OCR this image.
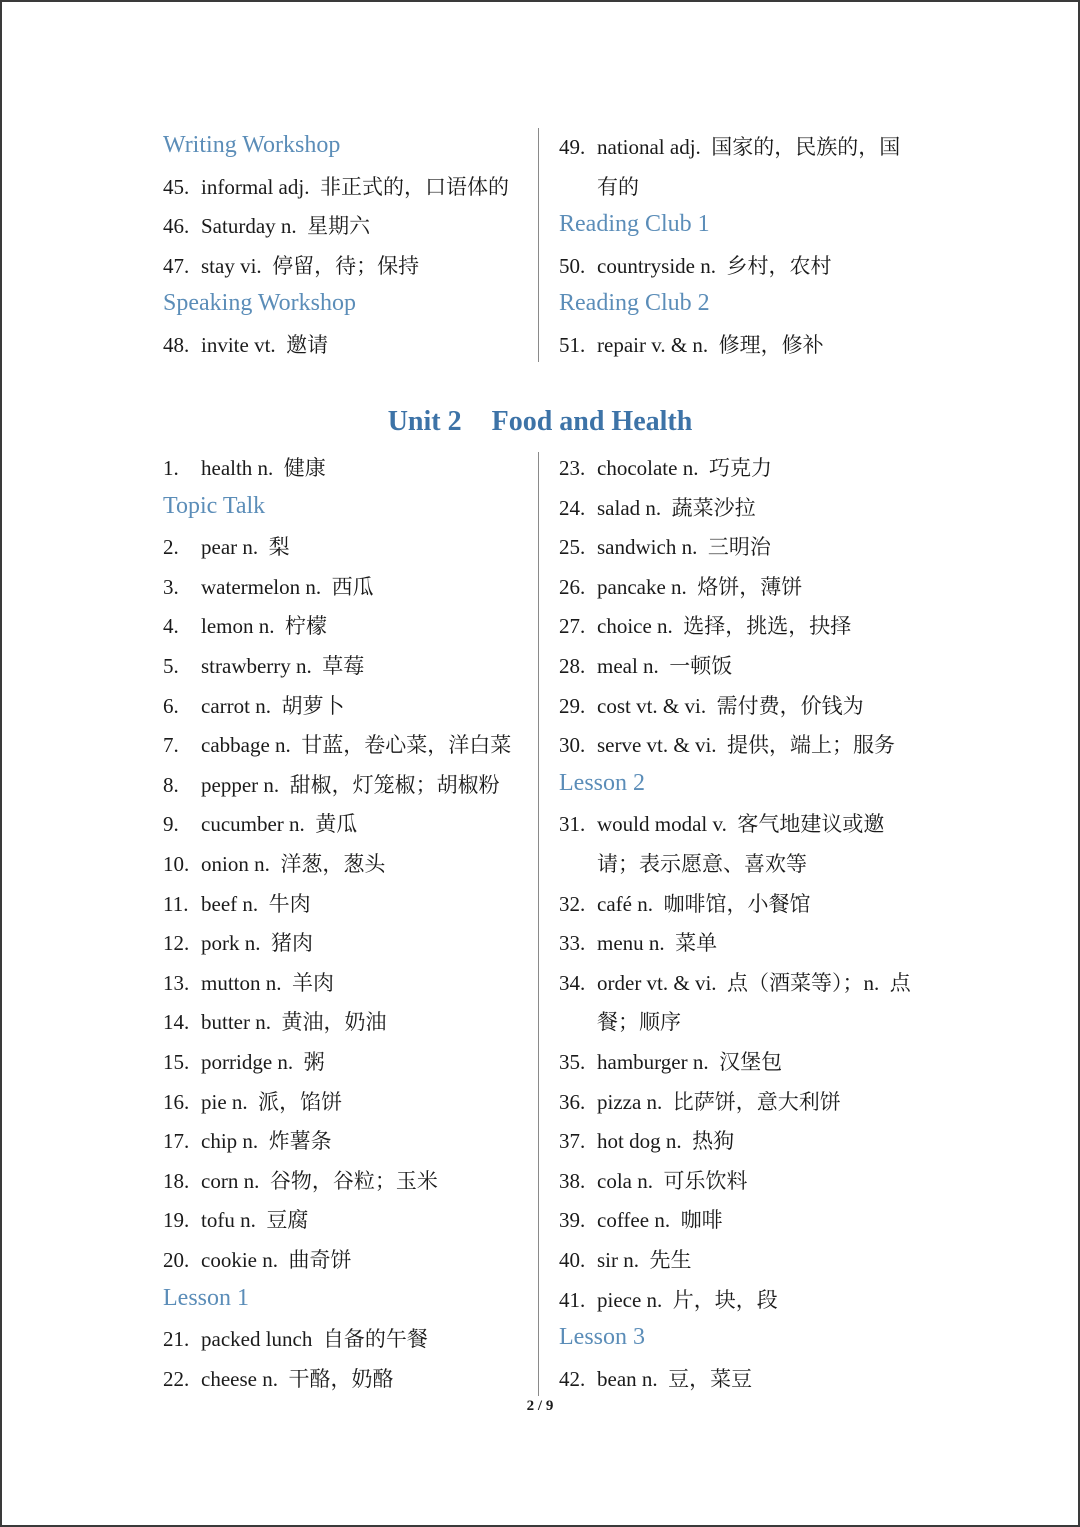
Writing Workshop
45. informal adj.  非正式的，口语体的
46. Saturday n.  星期六
47. stay vi.  停留，待；保持
Speaking Workshop
48. invite vt.  邀请
49. national adj.  国家的，民族的，国
有的
Reading Club 1
50. countryside n.  乡村，农村
Reading Club 2
51. repair v. & n.  修理，修补
Unit 2 Food and Health
1. health n.  健康
Topic Talk
2. pear n.  梨
3. watermelon n.  西瓜
4. lemon n.  柠檬
5. strawberry n.  草莓
6. carrot n.  胡萝卜
7. cabbage n.  甘蓝，卷心菜，洋白菜
8. pepper n.  甜椒，灯笼椒；胡椒粉
9. cucumber n.  黄瓜
10. onion n.  洋葱，葱头
11. beef n.  牛肉
12. pork n.  猪肉
13. mutton n.  羊肉
14. butter n.  黄油，奶油
15. porridge n.  粥
16. pie n.  派，馅饼
17. chip n.  炸薯条
18. corn n.  谷物，谷粒；玉米
19. tofu n.  豆腐
20. cookie n.  曲奇饼
Lesson 1
21. packed lunch  自备的午餐
22. cheese n.  干酪，奶酪
23. chocolate n.  巧克力
24. salad n.  蔬菜沙拉
25. sandwich n.  三明治
26. pancake n.  烙饼，薄饼
27. choice n.  选择，挑选，抉择
28. meal n.  一顿饭
29. cost vt. & vi.  需付费，价钱为
30. serve vt. & vi.  提供，端上；服务
Lesson 2
31. would modal v.  客气地建议或邀
请；表示愿意、喜欢等
32. café n.  咖啡馆，小餐馆
33. menu n.  菜单
34. order vt. & vi.  点（酒菜等）；n.  点
餐；顺序
35. hamburger n.  汉堡包
36. pizza n.  比萨饼，意大利饼
37. hot dog n.  热狗
38. cola n.  可乐饮料
39. coffee n.  咖啡
40. sir n.  先生
41. piece n.  片，块，段
Lesson 3
42. bean n.  豆，菜豆
2 / 9
